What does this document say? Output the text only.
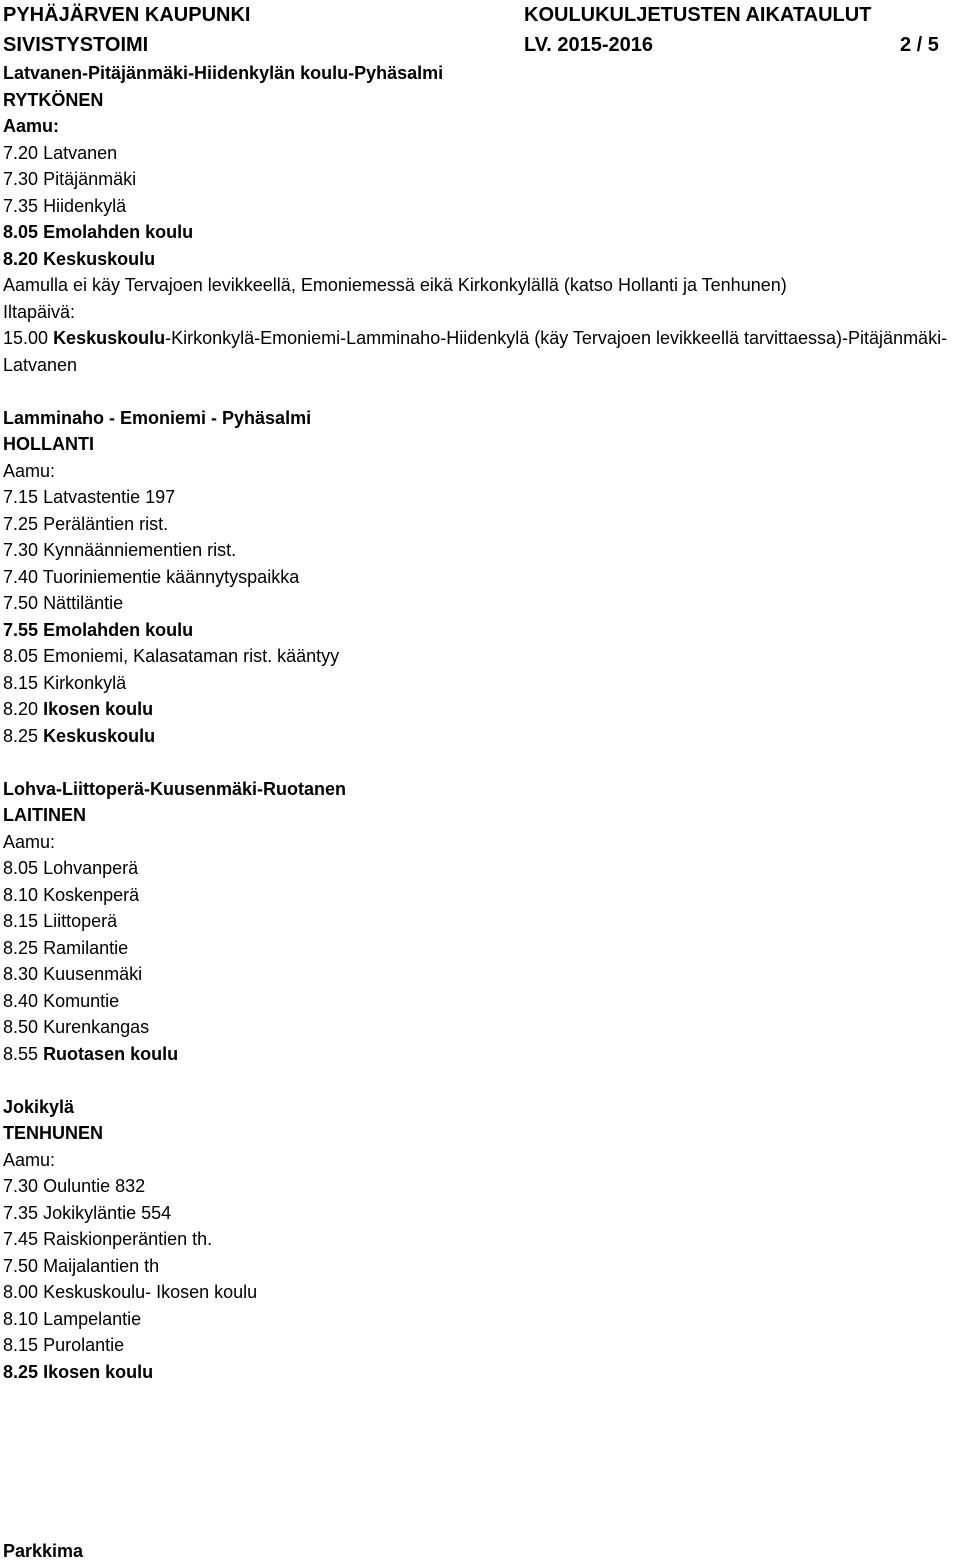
PYHÄJÄRVEN KAUPUNKI
SIVISTYSTOIMI
KOULUKULJETUSTEN AIKATAULUT
LV. 2015-2016	2 / 5
Latvanen-Pitäjänmäki-Hiidenkylän koulu-Pyhäsalmi
RYTKÖNEN
Aamu:
7.20 Latvanen
7.30 Pitäjänmäki
7.35 Hiidenkylä
8.05 Emolahden koulu
8.20 Keskuskoulu
Aamulla ei käy Tervajoen levikkeellä, Emoniemessä eikä Kirkonkylällä (katso Hollanti ja Tenhunen)
Iltapäivä:
15.00 Keskuskoulu-Kirkonkylä-Emoniemi-Lamminaho-Hiidenkylä (käy Tervajoen levikkeellä tarvittaessa)-Pitäjänmäki-Latvanen
Lamminaho - Emoniemi - Pyhäsalmi
HOLLANTI
Aamu:
7.15 Latvastentie 197
7.25 Peräläntien rist.
7.30 Kynnäänniementien rist.
7.40 Tuoriniementie käännytyspaikka
7.50 Nättiläntie
7.55 Emolahden koulu
8.05 Emoniemi, Kalasataman rist. kääntyy
8.15 Kirkonkylä
8.20 Ikosen koulu
8.25 Keskuskoulu
Lohva-Liittoperä-Kuusenmäki-Ruotanen
LAITINEN
Aamu:
8.05 Lohvanperä
8.10 Koskenperä
8.15 Liittoperä
8.25 Ramilantie
8.30 Kuusenmäki
8.40 Komuntie
8.50 Kurenkangas
8.55 Ruotasen koulu
Jokikylä
TENHUNEN
Aamu:
7.30 Ouluntie 832
7.35 Jokikyläntie 554
7.45 Raiskionperäntien th.
7.50 Maijalantien th
8.00 Keskuskoulu- Ikosen koulu
8.10 Lampelantie
8.15 Purolantie
8.25 Ikosen koulu
Parkkima
